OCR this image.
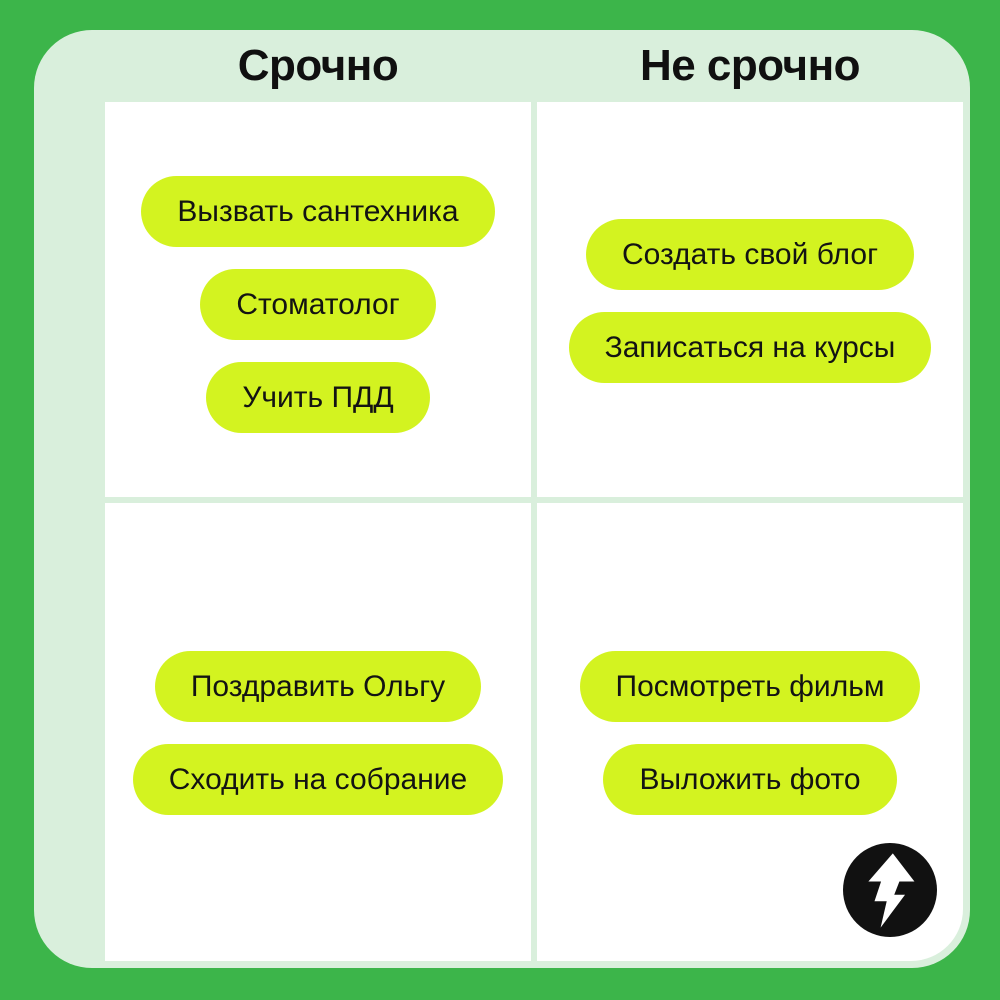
Срочно	Не срочно
Вызвать сантехника
Стоматолог
Учить ПДД
Создать свой блог
Записаться на курсы
Поздравить Ольгу
Сходить на собрание
Посмотреть фильм
Выложить фото
